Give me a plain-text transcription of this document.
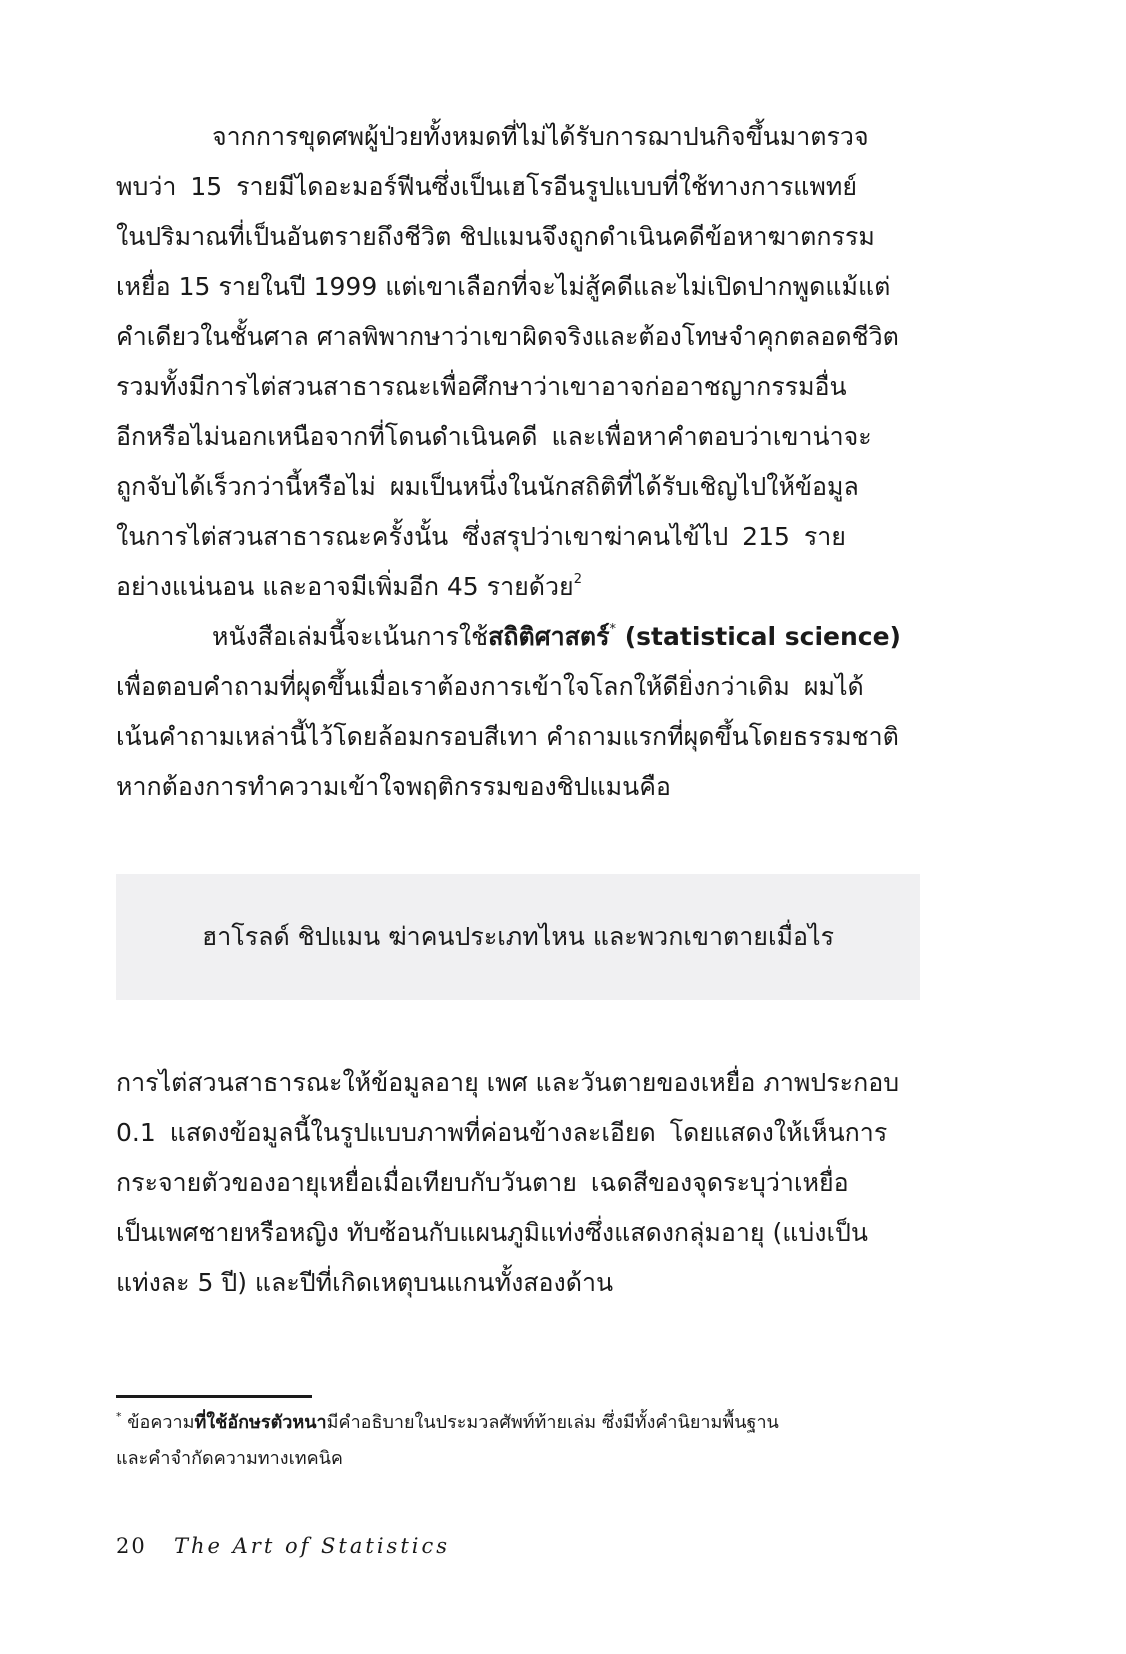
จากการขุดศพผู้ป่วยทั้งหมดที่ไม่ได้รับการฌาปนกิจขึ้นมาตรวจ
พบว่า 15 รายมีไดอะมอร์ฟีนซึ่งเป็นเฮโรอีนรูปแบบที่ใช้ทางการแพทย์
ในปริมาณที่เป็นอันตรายถึงชีวิต ชิปแมนจึงถูกดำเนินคดีข้อหาฆาตกรรม
เหยื่อ 15 รายในปี 1999 แต่เขาเลือกที่จะไม่สู้คดีและไม่เปิดปากพูดแม้แต่
คำเดียวในชั้นศาล ศาลพิพากษาว่าเขาผิดจริงและต้องโทษจำคุกตลอดชีวิต
รวมทั้งมีการไต่สวนสาธารณะเพื่อศึกษาว่าเขาอาจก่ออาชญากรรมอื่น
อีกหรือไม่นอกเหนือจากที่โดนดำเนินคดี และเพื่อหาคำตอบว่าเขาน่าจะ
ถูกจับได้เร็วกว่านี้หรือไม่ ผมเป็นหนึ่งในนักสถิติที่ได้รับเชิญไปให้ข้อมูล
ในการไต่สวนสาธารณะครั้งนั้น ซึ่งสรุปว่าเขาฆ่าคนไข้ไป 215 ราย
อย่างแน่นอน และอาจมีเพิ่มอีก 45 รายด้วย$^2$
หนังสือเล่มนี้จะเน้นการใช้สถิติศาสตร์* (statistical science)
เพื่อตอบคำถามที่ผุดขึ้นเมื่อเราต้องการเข้าใจโลกให้ดียิ่งกว่าเดิม ผมได้
เน้นคำถามเหล่านี้ไว้โดยล้อมกรอบสีเทา คำถามแรกที่ผุดขึ้นโดยธรรมชาติ
หากต้องการทำความเข้าใจพฤติกรรมของชิปแมนคือ
ฮาโรลด์ ชิปแมน ฆ่าคนประเภทไหน และพวกเขาตายเมื่อไร
การไต่สวนสาธารณะให้ข้อมูลอายุ เพศ และวันตายของเหยื่อ ภาพประกอบ
0.1 แสดงข้อมูลนี้ในรูปแบบภาพที่ค่อนข้างละเอียด โดยแสดงให้เห็นการ
กระจายตัวของอายุเหยื่อเมื่อเทียบกับวันตาย เฉดสีของจุดระบุว่าเหยื่อ
เป็นเพศชายหรือหญิง ทับซ้อนกับแผนภูมิแท่งซึ่งแสดงกลุ่มอายุ (แบ่งเป็น
แท่งละ 5 ปี) และปีที่เกิดเหตุบนแกนทั้งสองด้าน
* ข้อความที่ใช้อักษรตัวหนามีคำอธิบายในประมวลศัพท์ท้ายเล่ม ซึ่งมีทั้งคำนิยามพื้นฐาน
และคำจำกัดความทางเทคนิค
20 The Art of Statistics
